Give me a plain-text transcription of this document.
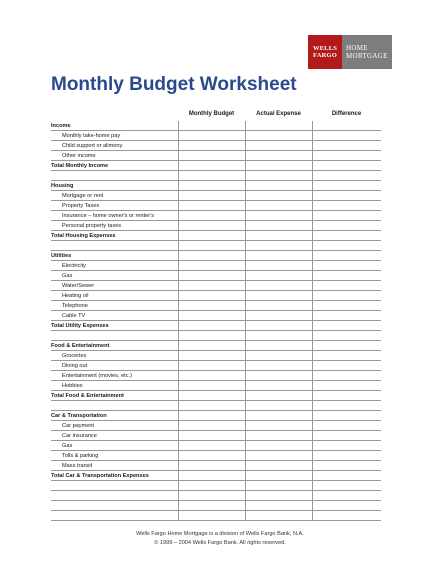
WELLS
FARGO
HOME
MORTGAGE
Monthly Budget Worksheet
Monthly Budget	Actual Expense	Difference
Income
Monthly take-home pay
Child support or alimony
Other income
Total Monthly Income
Housing
Mortgage or rent
Property Taxes
Insurance – home owner's or renter's
Personal property taxes
Total Housing Expenses
Utilities
Electricity
Gas
Water/Sewer
Heating oil
Telephone
Cable TV
Total Utility Expenses
Food & Entertainment
Groceries
Dining out
Entertainment (movies, etc.)
Hobbies
Total Food & Entertainment
Car & Transportation
Car payment
Car insurance
Gas
Tolls & parking
Mass transit
Total Car & Transportation Expenses
Wells Fargo Home Mortgage is a division of Wells Fargo Bank, N.A.
© 1999 – 2004 Wells Fargo Bank. All rights reserved.
